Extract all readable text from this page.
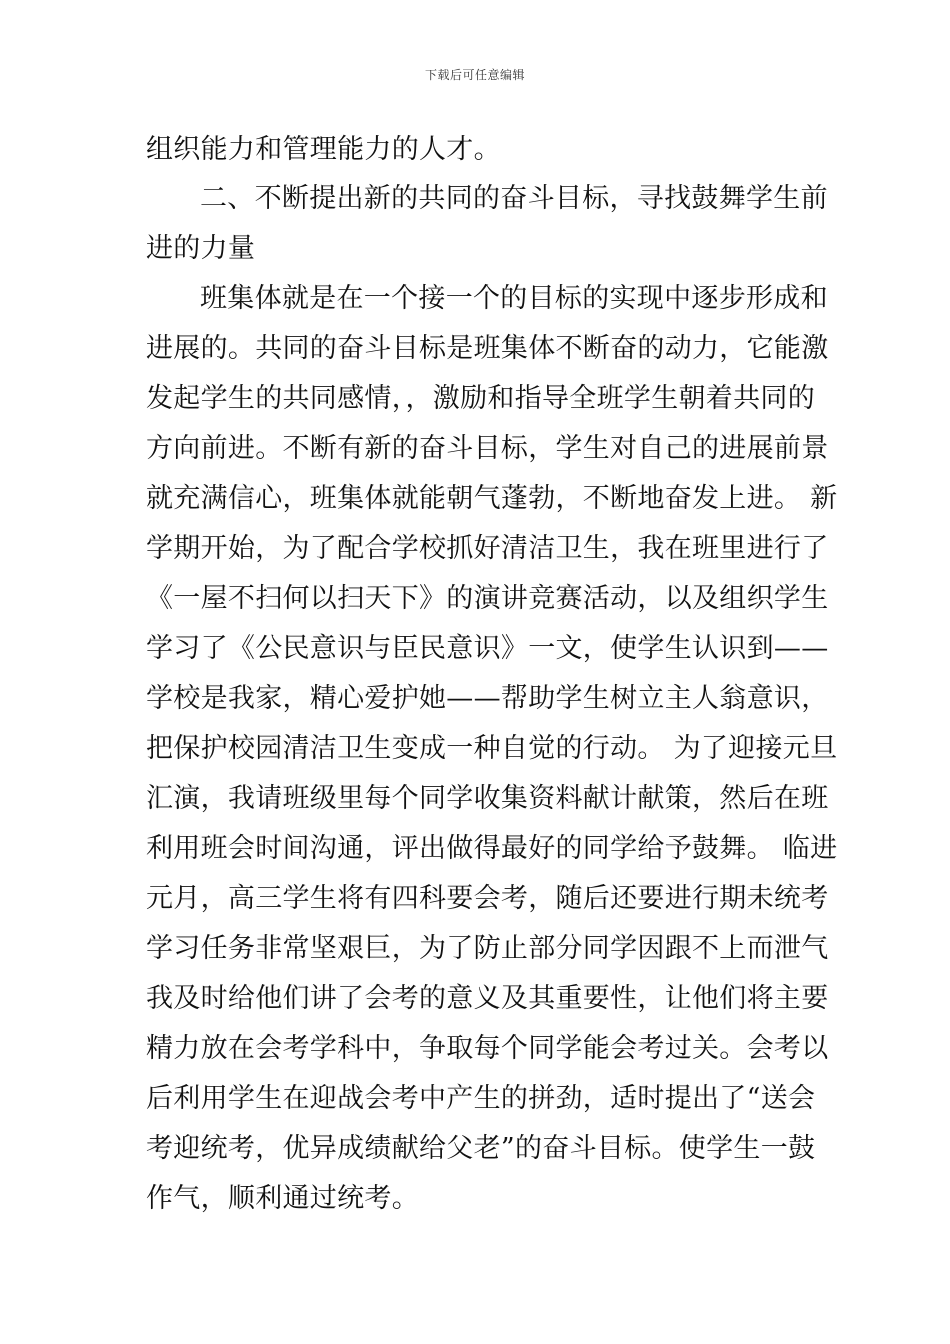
下载后可任意编辑
组织能力和管理能力的人才。
二、不断提出新的共同的奋斗目标，寻找鼓舞学生前
进的力量
班集体就是在一个接一个的目标的实现中逐步形成和
进展的。共同的奋斗目标是班集体不断奋的动力，它能激
发起学生的共同感情，，激励和指导全班学生朝着共同的
方向前进。不断有新的奋斗目标，学生对自己的进展前景
就充满信心，班集体就能朝气蓬勃，不断地奋发上进。 新
学期开始，为了配合学校抓好清洁卫生，我在班里进行了
《一屋不扫何以扫天下》的演讲竞赛活动，以及组织学生
学习了《公民意识与臣民意识》一文，使学生认识到——
学校是我家，精心爱护她——帮助学生树立主人翁意识，
把保护校园清洁卫生变成一种自觉的行动。 为了迎接元旦
汇演，我请班级里每个同学收集资料献计献策，然后在班
利用班会时间沟通，评出做得最好的同学给予鼓舞。 临进
元月，高三学生将有四科要会考，随后还要进行期未统考
学习任务非常坚艰巨，为了防止部分同学因跟不上而泄气
我及时给他们讲了会考的意义及其重要性，让他们将主要
精力放在会考学科中，争取每个同学能会考过关。会考以
后利用学生在迎战会考中产生的拼劲，适时提出了“送会
考迎统考，优异成绩献给父老”的奋斗目标。使学生一鼓
作气，顺利通过统考。
